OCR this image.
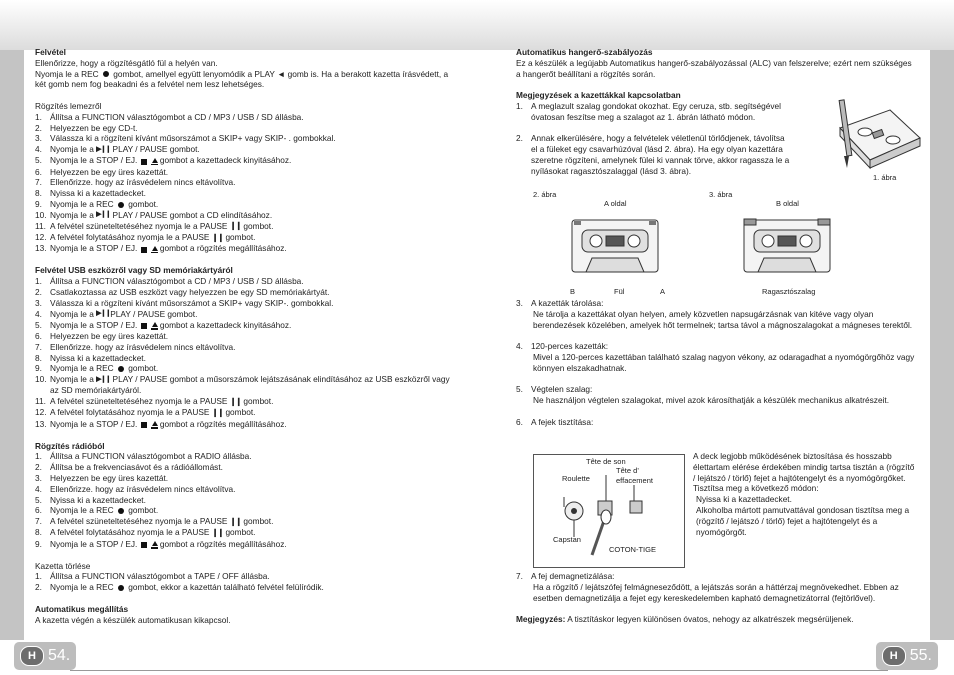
H 54.	H 55.

Felvétel

Ellenőrizze, hogy a rögzítésgátló fül a helyén van.

Nyomja le a REC  gombot, amellyel együtt lenyomódik a PLAY ◄ gomb is. Ha a berakott kazetta írásvédett, a két gomb nem fog beakadni és a felvétel nem lesz lehetséges.

Rögzítés lemezről

1. Állítsa a FUNCTION választógombot a CD / MP3 / USB / SD állásba.
2. Helyezzen be egy CD-t.
3. Válassza ki a rögzíteni kívánt műsorszámot a SKIP+ vagy SKIP- . gombokkal.
4. Nyomja le a ▶❙❙ PLAY / PAUSE gombot.
5. Nyomja le a STOP / EJ.
gombot a kazettadeck kinyitásához.
6. Helyezzen be egy üres kazettát.
7. Ellenőrizze. hogy az írásvédelem nincs eltávolítva.
8. Nyissa ki a kazettadecket.
9. Nyomja le a REC  gombot.
10. Nyomja le a ▶❙❙ PLAY / PAUSE gombot a CD elindításához.
11. A felvétel szüneteltetéséhez nyomja le a PAUSE ❙❙ gombot.
12. A felvétel folytatásához nyomja le a PAUSE ❙❙ gombot.
13. Nyomja le a STOP / EJ.
gombot a rögzítés megállításához.

Felvétel USB eszközről vagy SD memóriakártyáról

1. Állítsa a FUNCTION választógombot a CD / MP3 / USB / SD állásba.
2. Csatlakoztassa az USB eszközt vagy helyezzen be egy SD memóriakártyát.
3. Válassza ki a rögzíteni kívánt műsorszámot a SKIP+ vagy SKIP-. gombokkal.
4. Nyomja le a ▶❙❙PLAY / PAUSE gombot.
5. Nyomja le a STOP / EJ.
gombot a kazettadeck kinyitásához.
6. Helyezzen be egy üres kazettát.
7. Ellenőrizze. hogy az írásvédelem nincs eltávolítva.
8. Nyissa ki a kazettadecket.
9. Nyomja le a REC  gombot.
10. Nyomja le a ▶❙❙ PLAY / PAUSE gombot a műsorszámok lejátszásának elindításához az USB eszközről vagy az SD memóriakártyáról.
11. A felvétel szüneteltetéséhez nyomja le a PAUSE ❙❙ gombot.
12. A felvétel folytatásához nyomja le a PAUSE ❙❙ gombot.
13. Nyomja le a STOP / EJ.
gombot a rögzítés megállításához.

Rögzítés rádióból

1. Állítsa a FUNCTION választógombot a RADIO állásba.
2. Állítsa be a frekvenciasávot és a rádióállomást.
3. Helyezzen be egy üres kazettát.
4. Ellenőrizze. hogy az írásvédelem nincs eltávolítva.
5. Nyissa ki a kazettadecket.
6. Nyomja le a REC  gombot.
7. A felvétel szüneteltetéséhez nyomja le a PAUSE ❙❙ gombot.
8. A felvétel folytatásához nyomja le a PAUSE ❙❙ gombot.
9. Nyomja le a STOP / EJ.
gombot a rögzítés megállításához.

Kazetta törlése

1. Állítsa a FUNCTION választógombot a TAPE / OFF állásba.
2. Nyomja le a REC  gombot, ekkor a kazettán található felvétel felülíródik.

Automatikus megállítás

A kazetta végén a készülék automatikusan kikapcsol.

Automatikus hangerő-szabályozás

Ez a készülék a legújabb Automatikus hangerő-szabályozással (ALC) van felszerelve; ezért nem szükséges a hangerőt beállítani a rögzítés során.

Megjegyzések a kazettákkal kapcsolatban

1. A meglazult szalag gondokat okozhat. Egy ceruza, stb. segítségével óvatosan feszítse meg a szalagot az 1. ábrán látható módon.
2. Annak elkerülésére, hogy a felvételek véletlenül törlődjenek, távolítsa el a füleket egy csavarhúzóval (lásd 2. ábra). Ha egy olyan kazettára szeretne rögzíteni, amelynek fülei ki vannak törve, akkor ragassza le a nyílásokat ragasztószalaggal (lásd 3. ábra).
2. ábra	3. ábra
1. ábra
A oldal
B	Fül	A
B oldal
Ragasztószalag
3. A kazetták tárolása:

Ne tárolja a kazettákat olyan helyen, amely közvetlen napsugárzásnak van kitéve vagy olyan berendezések közelében, amelyek hőt termelnek; tartsa távol a mágnoszalagokat a mágneses terektől.

4. 120-perces kazetták:

Mivel a 120-perces kazettában található szalag nagyon vékony, az odaragadhat a nyomógörgőhöz vagy könnyen elszakadhatnak.

5. Végtelen szalag:

Ne használjon végtelen szalagokat, mivel azok károsíthatják a készülék mechanikus alkatrészeit.

6. A fejek tisztítása:
Tête de son
Tête d’ effacement
Roulette
Capstan
COTON-TIGE

A deck legjobb működésének biztosítása és hosszabb élettartam elérése érdekében mindig tartsa tisztán a (rögzítő / lejátszó / törlő) fejet a hajtótengelyt és a nyomógörgőket.

Tisztítsa meg a következő módon:

Nyissa ki a kazettadecket.

Alkoholba mártott pamutvattával gondosan tisztítsa meg a (rögzítő / lejátszó / törlő) fejet a hajtótengelyt és a nyomógörgőt.

7. A fej demagnetizálása:

Ha a rögzítő / lejátszófej felmágneseződött, a lejátszás során a háttérzaj megnövekedhet. Ebben az esetben demagnetizálja a fejet egy kereskedelemben kapható demagnetizátorral (fejtörlővel).

Megjegyzés: A tisztításkor legyen különösen óvatos, nehogy az alkatrészek megsérüljenek.
